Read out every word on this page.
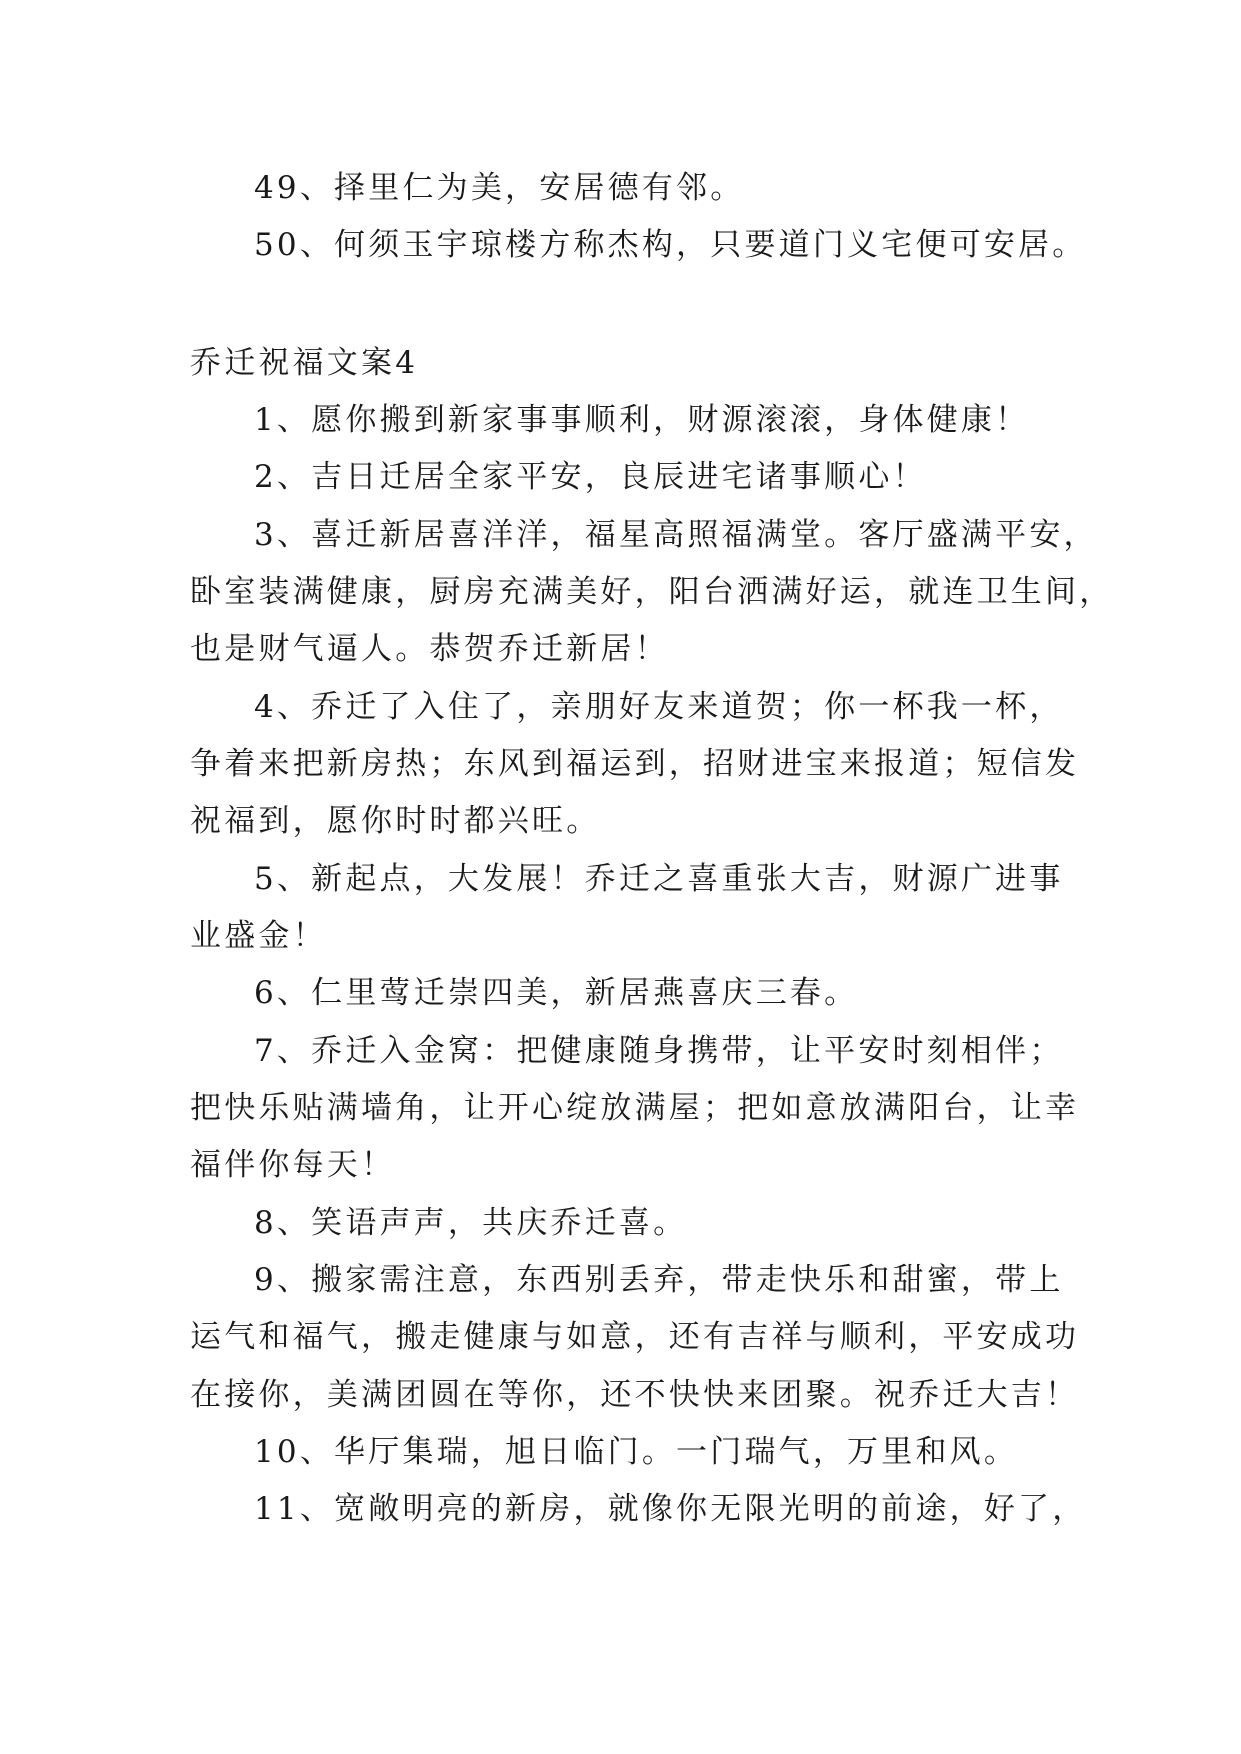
49、择里仁为美，安居德有邻。
50、何须玉宇琼楼方称杰构，只要道门义宅便可安居。
乔迁祝福文案4
1、愿你搬到新家事事顺利，财源滚滚，身体健康！
2、吉日迁居全家平安，良辰进宅诸事顺心！
3、喜迁新居喜洋洋，福星高照福满堂。客厅盛满平安，
卧室装满健康，厨房充满美好，阳台洒满好运，就连卫生间，
也是财气逼人。恭贺乔迁新居！
4、乔迁了入住了，亲朋好友来道贺；你一杯我一杯，
争着来把新房热；东风到福运到，招财进宝来报道；短信发
祝福到，愿你时时都兴旺。
5、新起点，大发展！乔迁之喜重张大吉，财源广进事
业盛金！
6、仁里莺迁崇四美，新居燕喜庆三春。
7、乔迁入金窝：把健康随身携带，让平安时刻相伴；
把快乐贴满墙角，让开心绽放满屋；把如意放满阳台，让幸
福伴你每天！
8、笑语声声，共庆乔迁喜。
9、搬家需注意，东西别丢弃，带走快乐和甜蜜，带上
运气和福气，搬走健康与如意，还有吉祥与顺利，平安成功
在接你，美满团圆在等你，还不快快来团聚。祝乔迁大吉！
10、华厅集瑞，旭日临门。一门瑞气，万里和风。
11、宽敞明亮的新房，就像你无限光明的前途，好了，
